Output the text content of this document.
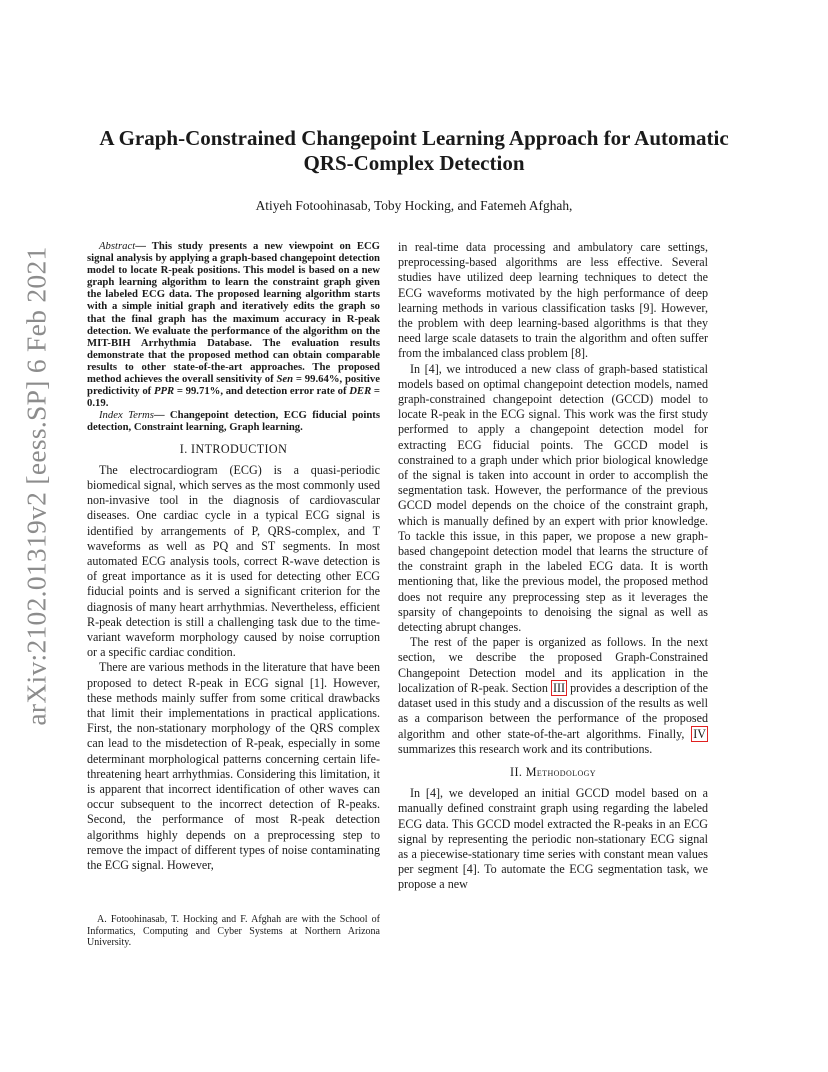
arXiv:2102.01319v2 [eess.SP] 6 Feb 2021
A Graph-Constrained Changepoint Learning Approach for Automatic QRS-Complex Detection
Atiyeh Fotoohinasab, Toby Hocking, and Fatemeh Afghah,

Abstract— This study presents a new viewpoint on ECG signal analysis by applying a graph-based changepoint detection model to locate R-peak positions. This model is based on a new graph learning algorithm to learn the constraint graph given the labeled ECG data. The proposed learning algorithm starts with a simple initial graph and iteratively edits the graph so that the final graph has the maximum accuracy in R-peak detection. We evaluate the performance of the algorithm on the MIT-BIH Arrhythmia Database. The evaluation results demonstrate that the proposed method can obtain comparable results to other state-of-the-art approaches. The proposed method achieves the overall sensitivity of Sen = 99.64%, positive predictivity of PPR = 99.71%, and detection error rate of DER = 0.19.

Index Terms— Changepoint detection, ECG fiducial points detection, Constraint learning, Graph learning.

I. INTRODUCTION

The electrocardiogram (ECG) is a quasi-periodic biomedical signal, which serves as the most commonly used non-invasive tool in the diagnosis of cardiovascular diseases. One cardiac cycle in a typical ECG signal is identified by arrangements of P, QRS-complex, and T waveforms as well as PQ and ST segments. In most automated ECG analysis tools, correct R-wave detection is of great importance as it is used for detecting other ECG fiducial points and is served a significant criterion for the diagnosis of many heart arrhythmias. Nevertheless, efficient R-peak detection is still a challenging task due to the time-variant waveform morphology caused by noise corruption or a specific cardiac condition.

There are various methods in the literature that have been proposed to detect R-peak in ECG signal [1]. However, these methods mainly suffer from some critical drawbacks that limit their implementations in practical applications. First, the non-stationary morphology of the QRS complex can lead to the misdetection of R-peak, especially in some determinant morphological patterns concerning certain life-threatening heart arrhythmias. Considering this limitation, it is apparent that incorrect identification of other waves can occur subsequent to the incorrect detection of R-peaks. Second, the performance of most R-peak detection algorithms highly depends on a preprocessing step to remove the impact of different types of noise contaminating the ECG signal. However,

in real-time data processing and ambulatory care settings, preprocessing-based algorithms are less effective. Several studies have utilized deep learning techniques to detect the ECG waveforms motivated by the high performance of deep learning methods in various classification tasks [9]. However, the problem with deep learning-based algorithms is that they need large scale datasets to train the algorithm and often suffer from the imbalanced class problem [8].

In [4], we introduced a new class of graph-based statistical models based on optimal changepoint detection models, named graph-constrained changepoint detection (GCCD) model to locate R-peak in the ECG signal. This work was the first study performed to apply a changepoint detection model for extracting ECG fiducial points. The GCCD model is constrained to a graph under which prior biological knowledge of the signal is taken into account in order to accomplish the segmentation task. However, the performance of the previous GCCD model depends on the choice of the constraint graph, which is manually defined by an expert with prior knowledge. To tackle this issue, in this paper, we propose a new graph-based changepoint detection model that learns the structure of the constraint graph in the labeled ECG data. It is worth mentioning that, like the previous model, the proposed method does not require any preprocessing step as it leverages the sparsity of changepoints to denoising the signal as well as detecting abrupt changes.

The rest of the paper is organized as follows. In the next section, we describe the proposed Graph-Constrained Changepoint Detection model and its application in the localization of R-peak. Section III provides a description of the dataset used in this study and a discussion of the results as well as a comparison between the performance of the proposed algorithm and other state-of-the-art algorithms. Finally, IV summarizes this research work and its contributions.

II. Methodology

In [4], we developed an initial GCCD model based on a manually defined constraint graph using regarding the labeled ECG data. This GCCD model extracted the R-peaks in an ECG signal by representing the periodic non-stationary ECG signal as a piecewise-stationary time series with constant mean values per segment [4]. To automate the ECG segmentation task, we propose a new

A. Fotoohinasab, T. Hocking and F. Afghah are with the School of Informatics, Computing and Cyber Systems at Northern Arizona University.
